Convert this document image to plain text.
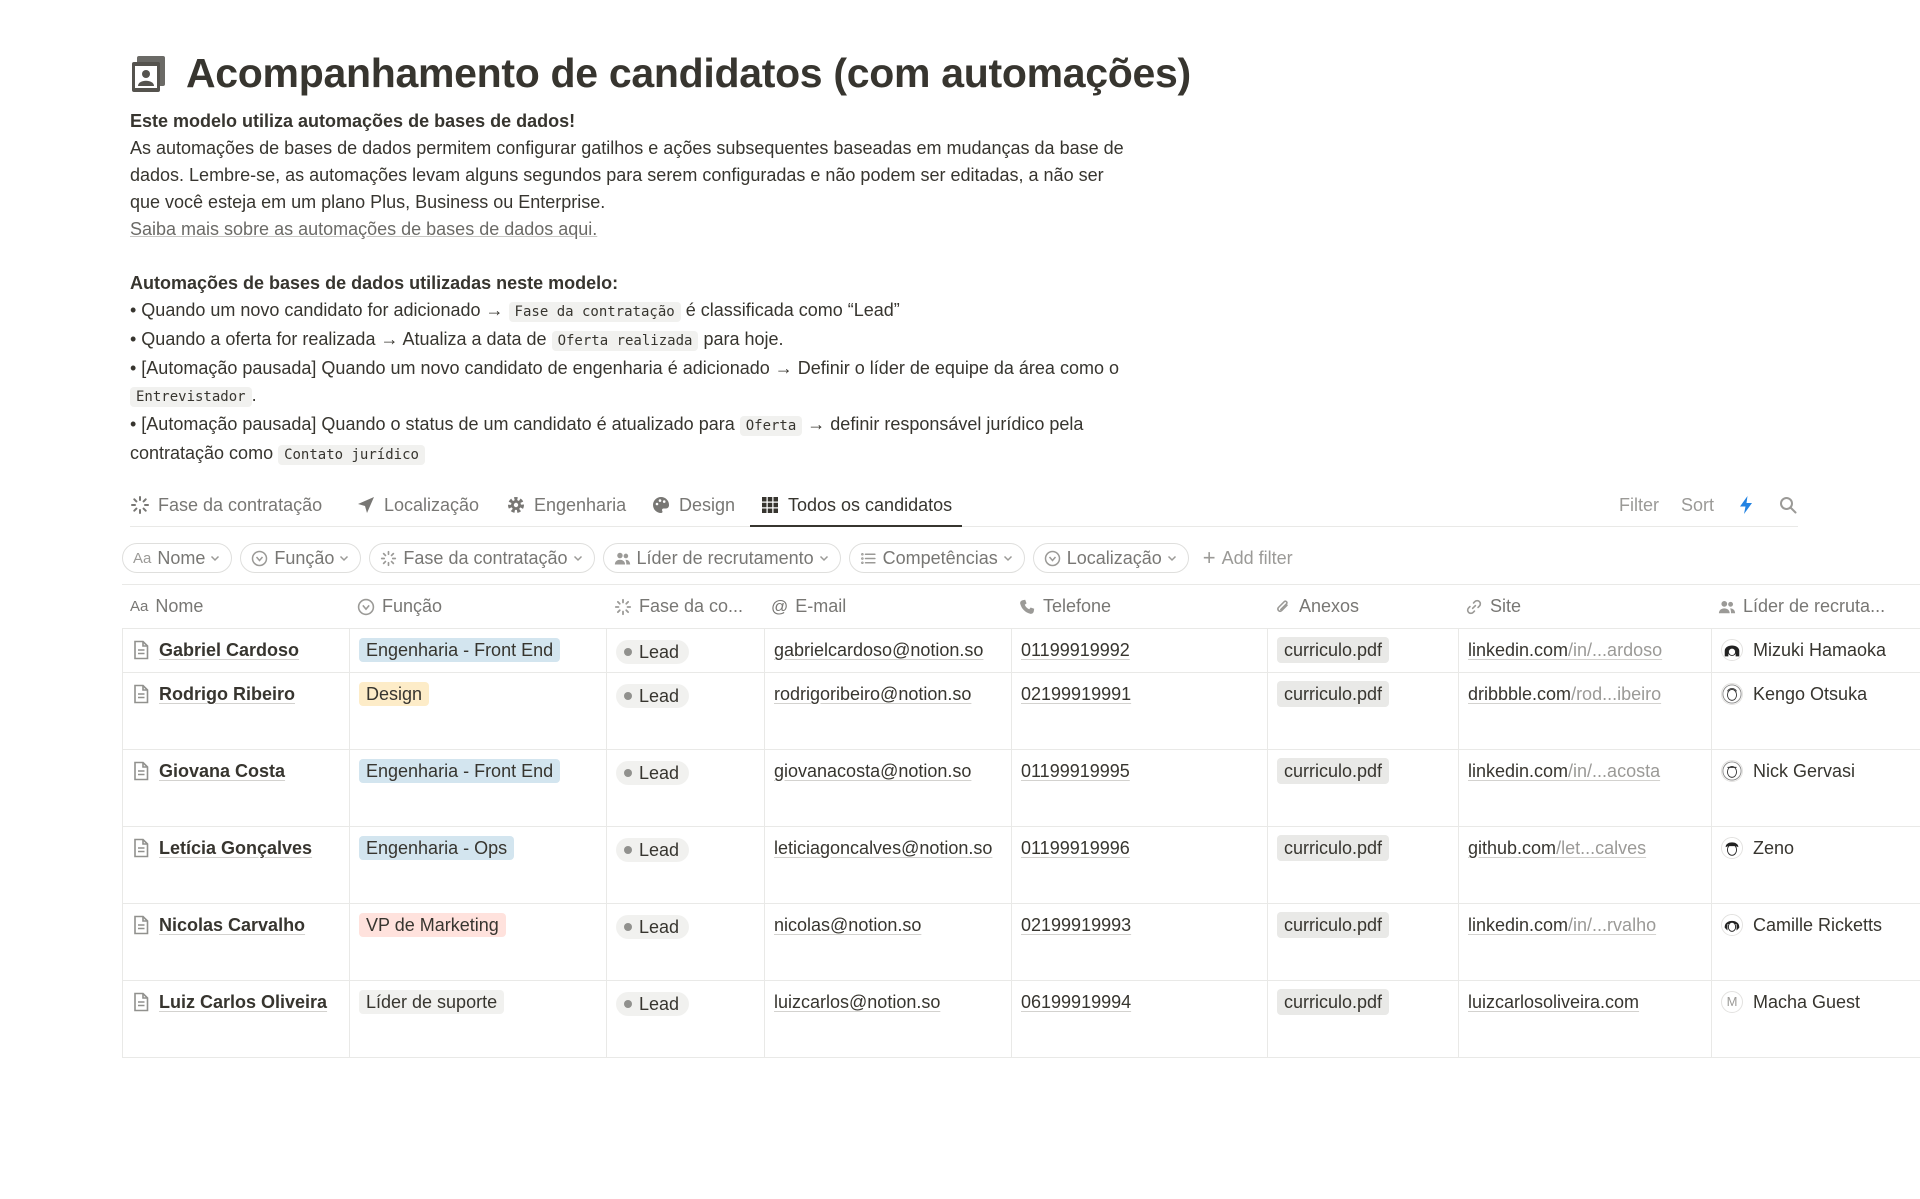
Acompanhamento de candidatos (com automações)

Este modelo utiliza automações de bases de dados!

As automações de bases de dados permitem configurar gatilhos e ações subsequentes baseadas em mudanças da base de dados. Lembre-se, as automações levam alguns segundos para serem configuradas e não podem ser editadas, a não ser que você esteja em um plano Plus, Business ou Enterprise.

Saiba mais sobre as automações de bases de dados aqui.

Automações de bases de dados utilizadas neste modelo:

• Quando um novo candidato for adicionado → Fase da contratação é classificada como “Lead”

• Quando a oferta for realizada → Atualiza a data de Oferta realizada para hoje.

• [Automação pausada] Quando um novo candidato de engenharia é adicionado → Definir o líder de equipe da área como o Entrevistador .

• [Automação pausada] Quando o status de um candidato é atualizado para Oferta → definir responsável jurídico pela contratação como Contato jurídico

Fase da contratação	Localização	Engenharia	Design	Todos os candidatos	Filter Sort
Aa Nome	Função	Fase da contratação	Líder de recrutamento	Competências	Localização + Add filter
Aa Nome	Função	Fase da co... @ E-mail	Telefone	Anexos	Site	Líder de recruta...
Gabriel Cardoso	Engenharia - Front End	Lead	gabrielcardoso@notion.so	01199919992	curriculo.pdf	linkedin.com/in/...ardoso	Mizuki Hamaoka
Rodrigo Ribeiro	Design	Lead	rodrigoribeiro@notion.so	02199919991	curriculo.pdf	dribbble.com/rod...ibeiro	Kengo Otsuka
Giovana Costa	Engenharia - Front End	Lead	giovanacosta@notion.so	01199919995	curriculo.pdf	linkedin.com/in/...acosta	Nick Gervasi
Letícia Gonçalves	Engenharia - Ops	Lead	leticiagoncalves@notion.so	01199919996	curriculo.pdf	github.com/let...calves	Zeno
Nicolas Carvalho	VP de Marketing	Lead	nicolas@notion.so	02199919993	curriculo.pdf	linkedin.com/in/...rvalho	Camille Ricketts
Luiz Carlos Oliveira	Líder de suporte	Lead	luizcarlos@notion.so	06199919994	curriculo.pdf	luizcarlosoliveira.com	M Macha Guest
